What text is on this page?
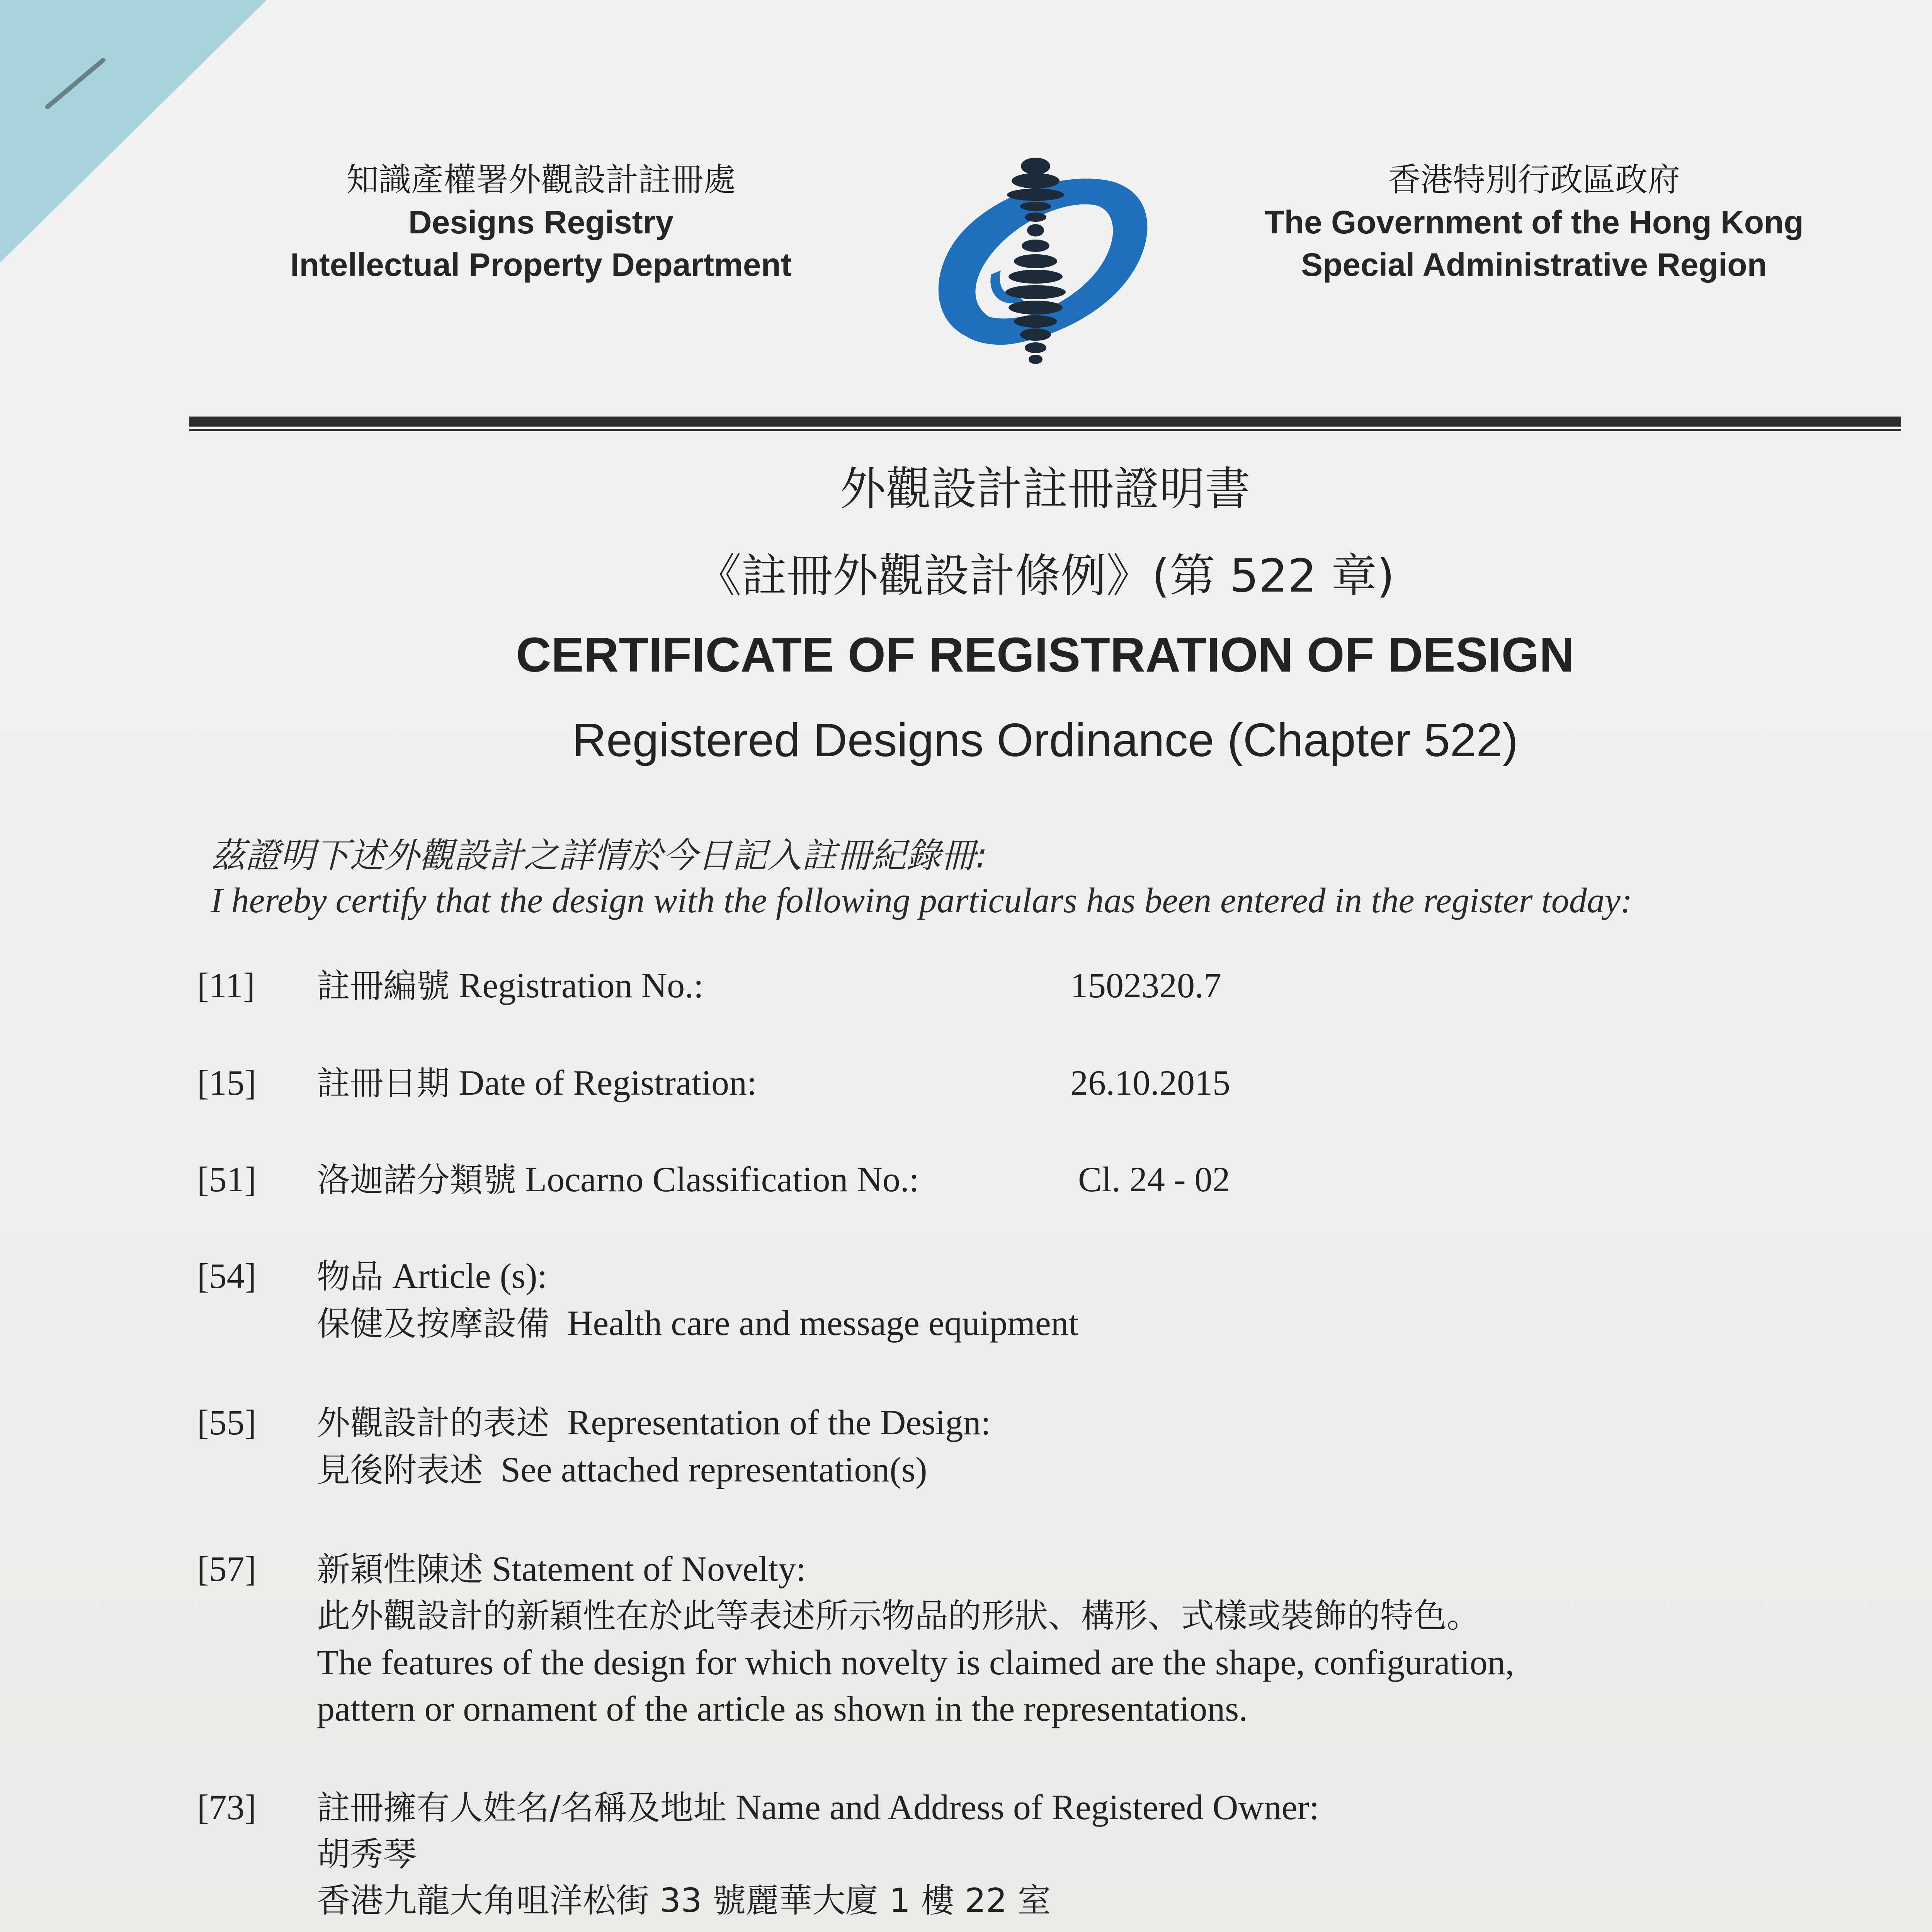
知識產權署外觀設計註冊處
Designs Registry
Intellectual Property Department
香港特別行政區政府
The Government of the Hong Kong
Special Administrative Region
外觀設計註冊證明書
《註冊外觀設計條例》(第 522 章)
CERTIFICATE OF REGISTRATION OF DESIGN
Registered Designs Ordinance (Chapter 522)
茲證明下述外觀設計之詳情於今日記入註冊紀錄冊:
I hereby certify that the design with the following particulars has been entered in the register today:
[11]	註冊編號 Registration No.:	1502320.7
[15]	註冊日期 Date of Registration:	26.10.2015
[51]	洛迦諾分類號 Locarno Classification No.:	Cl. 24 - 02
[54]	物品 Article (s):
保健及按摩設備 Health care and message equipment
[55]	外觀設計的表述 Representation of the Design:
見後附表述 See attached representation(s)
[57]	新穎性陳述 Statement of Novelty:
此外觀設計的新穎性在於此等表述所示物品的形狀、構形、式樣或裝飾的特色。
The features of the design for which novelty is claimed are the shape, configuration,
pattern or ornament of the article as shown in the representations.
[73]	註冊擁有人姓名/名稱及地址 Name and Address of Registered Owner:
胡秀琴
香港九龍大角咀洋松街 33 號麗華大廈 1 樓 22 室
